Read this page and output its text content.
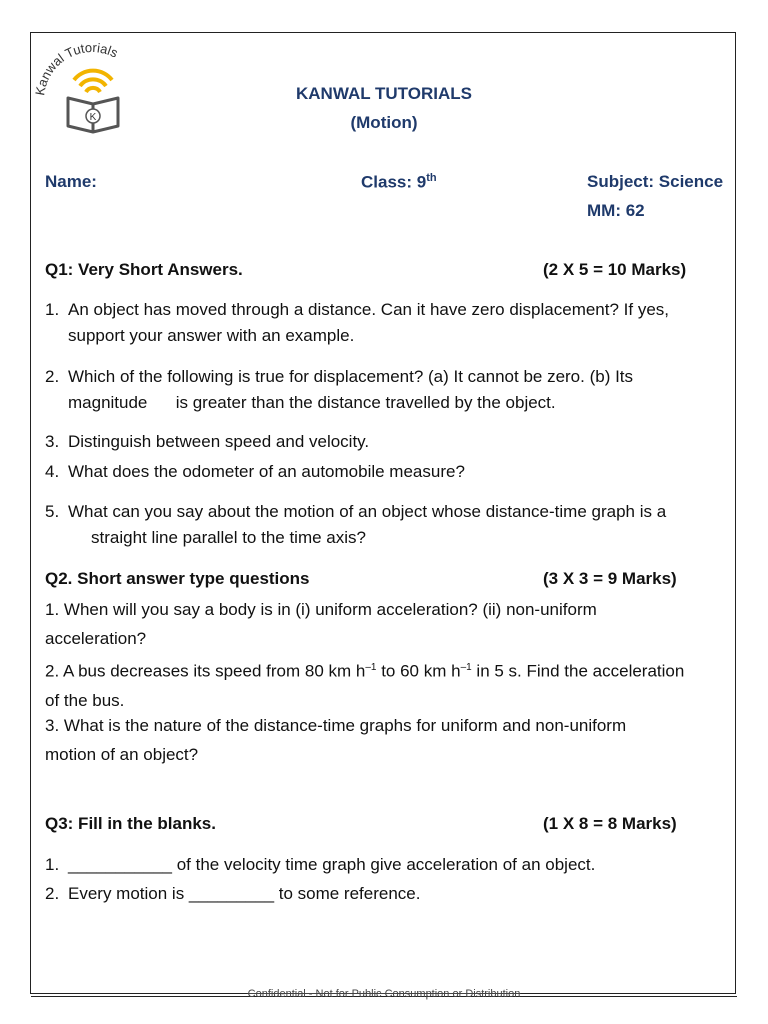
anwal Tutorials
K
KANWAL TUTORIALS
(Motion)
Name:	Class: 9th	Subject: Science
MM: 62
Q1: Very Short Answers.	(2 X 5 = 10 Marks)
1. An object has moved through a distance. Can it have zero displacement? If yes,
support your answer with an example.
2. Which of the following is true for displacement? (a) It cannot be zero. (b) Its
magnitude      is greater than the distance travelled by the object.
3. Distinguish between speed and velocity.
4. What does the odometer of an automobile measure?
5. What can you say about the motion of an object whose distance-time graph is a
straight line parallel to the time axis?
Q2. Short answer type questions	(3 X 3 = 9 Marks)
1. When will you say a body is in (i) uniform acceleration? (ii) non-uniform
acceleration?
2. A bus decreases its speed from 80 km $h^{-1}$ to 60 km $h^{-1}$ in 5 s. Find the acceleration
of the bus.
3. What is the nature of the distance-time graphs for uniform and non-uniform
motion of an object?
Q3: Fill in the blanks.	(1 X 8 = 8 Marks)
1. ___________ of the velocity time graph give acceleration of an object.
2. Every motion is _________ to some reference.
Confidential - Not for Public Consumption or Distribution
